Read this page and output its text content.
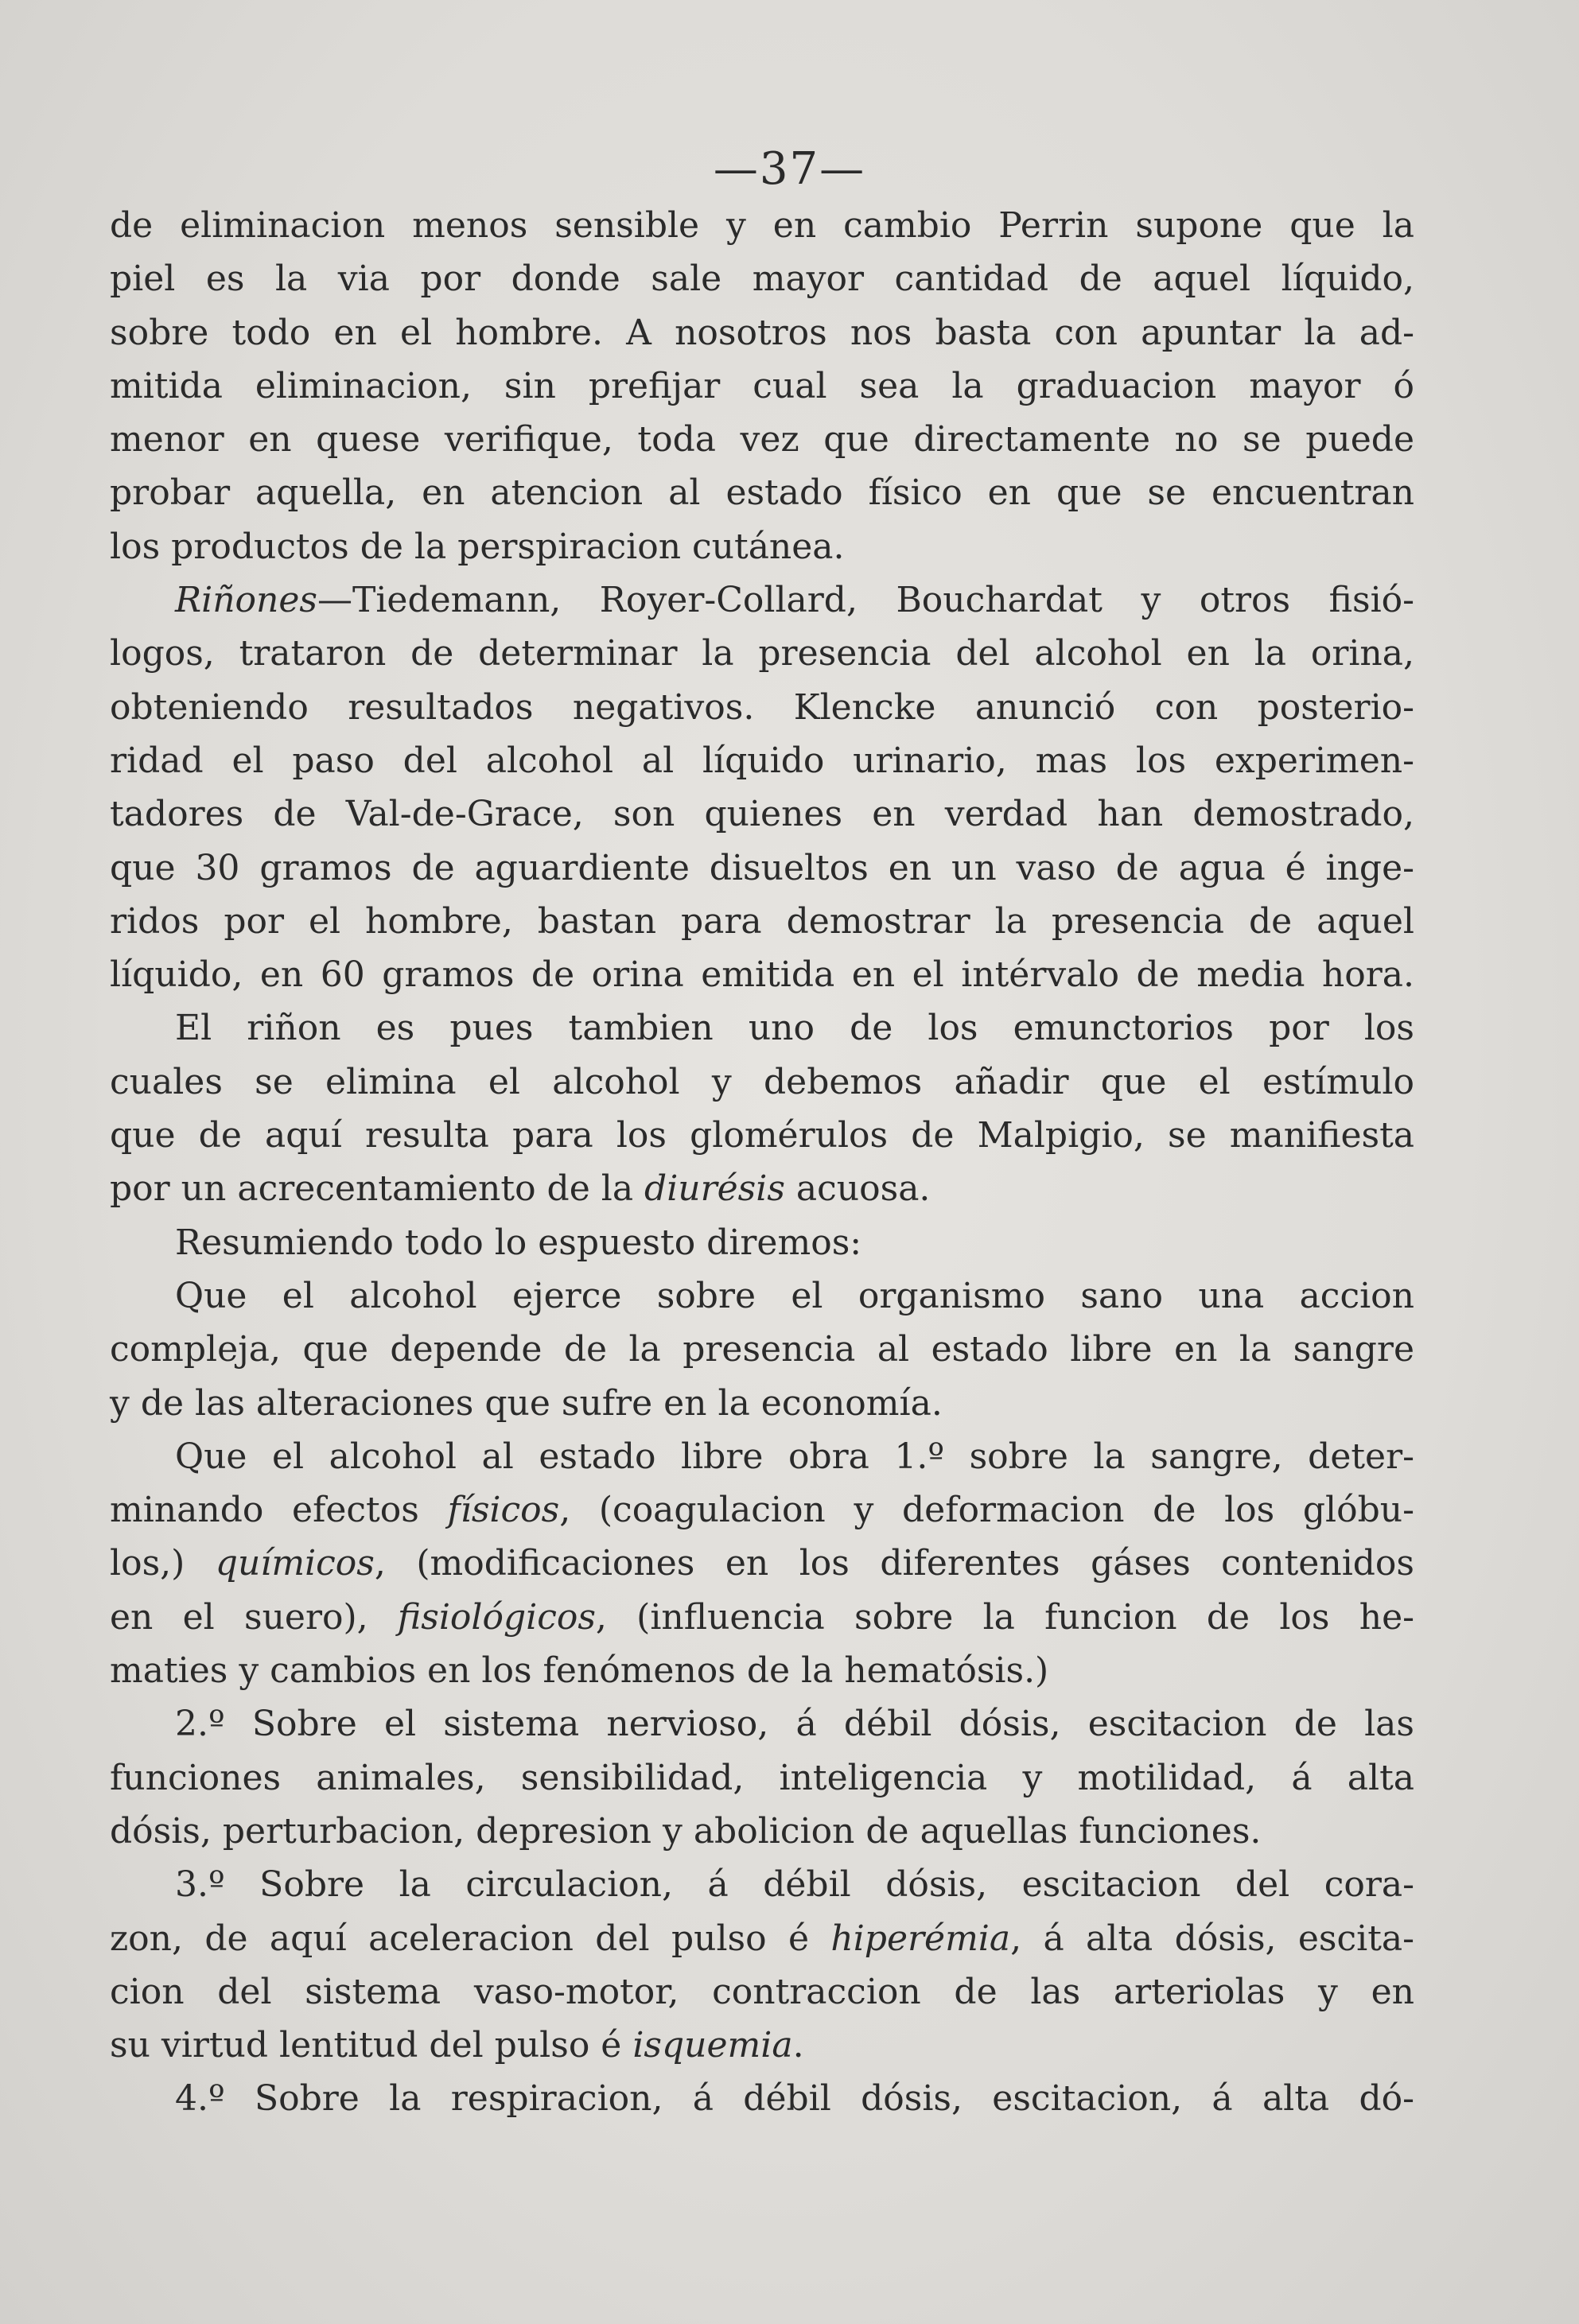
—37—
de eliminacion menos sensible y en cambio Perrin supone que la
piel es la via por donde sale mayor cantidad de aquel líquido,
sobre todo en el hombre. A nosotros nos basta con apuntar la ad-
mitida eliminacion, sin prefijar cual sea la graduacion mayor ó
menor en quese verifique, toda vez que directamente no se puede
probar aquella, en atencion al estado físico en que se encuentran
los productos de la perspiracion cutánea.
Riñones—Tiedemann, Royer-Collard, Bouchardat y otros fisió-
logos, trataron de determinar la presencia del alcohol en la orina,
obteniendo resultados negativos. Klencke anunció con posterio-
ridad el paso del alcohol al líquido urinario, mas los experimen-
tadores de Val-de-Grace, son quienes en verdad han demostrado,
que 30 gramos de aguardiente disueltos en un vaso de agua é inge-
ridos por el hombre, bastan para demostrar la presencia de aquel
líquido, en 60 gramos de orina emitida en el intérvalo de media hora.
El riñon es pues tambien uno de los emunctorios por los
cuales se elimina el alcohol y debemos añadir que el estímulo
que de aquí resulta para los glomérulos de Malpigio, se manifiesta
por un acrecentamiento de la diurésis acuosa.
Resumiendo todo lo espuesto diremos:
Que el alcohol ejerce sobre el organismo sano una accion
compleja, que depende de la presencia al estado libre en la sangre
y de las alteraciones que sufre en la economía.
Que el alcohol al estado libre obra 1.º sobre la sangre, deter-
minando efectos físicos, (coagulacion y deformacion de los glóbu-
los,) químicos, (modificaciones en los diferentes gáses contenidos
en el suero), fisiológicos, (influencia sobre la funcion de los he-
maties y cambios en los fenómenos de la hematósis.)
2.º Sobre el sistema nervioso, á débil dósis, escitacion de las
funciones animales, sensibilidad, inteligencia y motilidad, á alta
dósis, perturbacion, depresion y abolicion de aquellas funciones.
3.º Sobre la circulacion, á débil dósis, escitacion del cora-
zon, de aquí aceleracion del pulso é hiperémia, á alta dósis, escita-
cion del sistema vaso-motor, contraccion de las arteriolas y en
su virtud lentitud del pulso é isquemia.
4.º Sobre la respiracion, á débil dósis, escitacion, á alta dó-
